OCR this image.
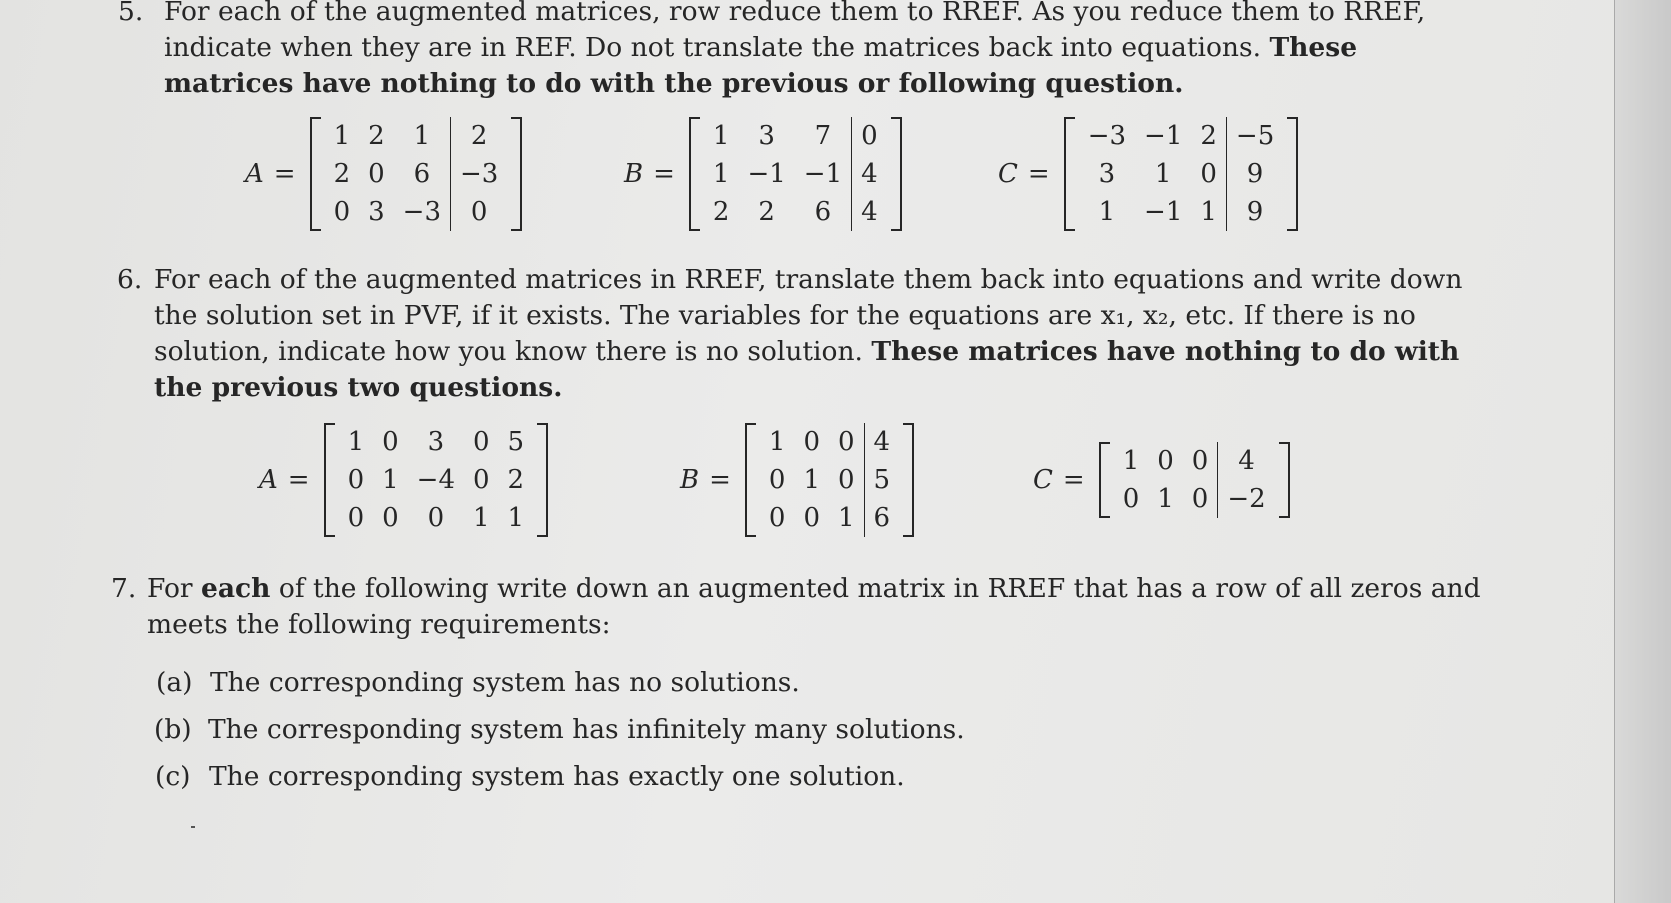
5. For each of the augmented matrices, row reduce them to RREF. As you reduce them to RREF,
indicate when they are in REF. Do not translate the matrices back into equations. These
matrices have nothing to do with the previous or following question.
6. For each of the augmented matrices in RREF, translate them back into equations and write down
the solution set in PVF, if it exists. The variables for the equations are x₁, x₂, etc. If there is no
solution, indicate how you know there is no solution. These matrices have nothing to do with
the previous two questions.
7. For each of the following write down an augmented matrix in RREF that has a row of all zeros and
meets the following requirements:
(a) The corresponding system has no solutions.
(b) The corresponding system has infinitely many solutions.
(c) The corresponding system has exactly one solution.
A =
1 2	1	2
2 0	6	−3
0 3 −3	0
B =
1	3	7	0
1 −1 −1 4
2	2	6	4
C =
−3 −1 2 −5
3	1	0	9
1	−1 1	9
A =
1 0	3	0 5
0 1 −4 0 2
0 0	0	1 1
B =
1 0 0 4
0 1 0 5
0 0 1 6
C =
1 0 0	4
0 1 0 −2
